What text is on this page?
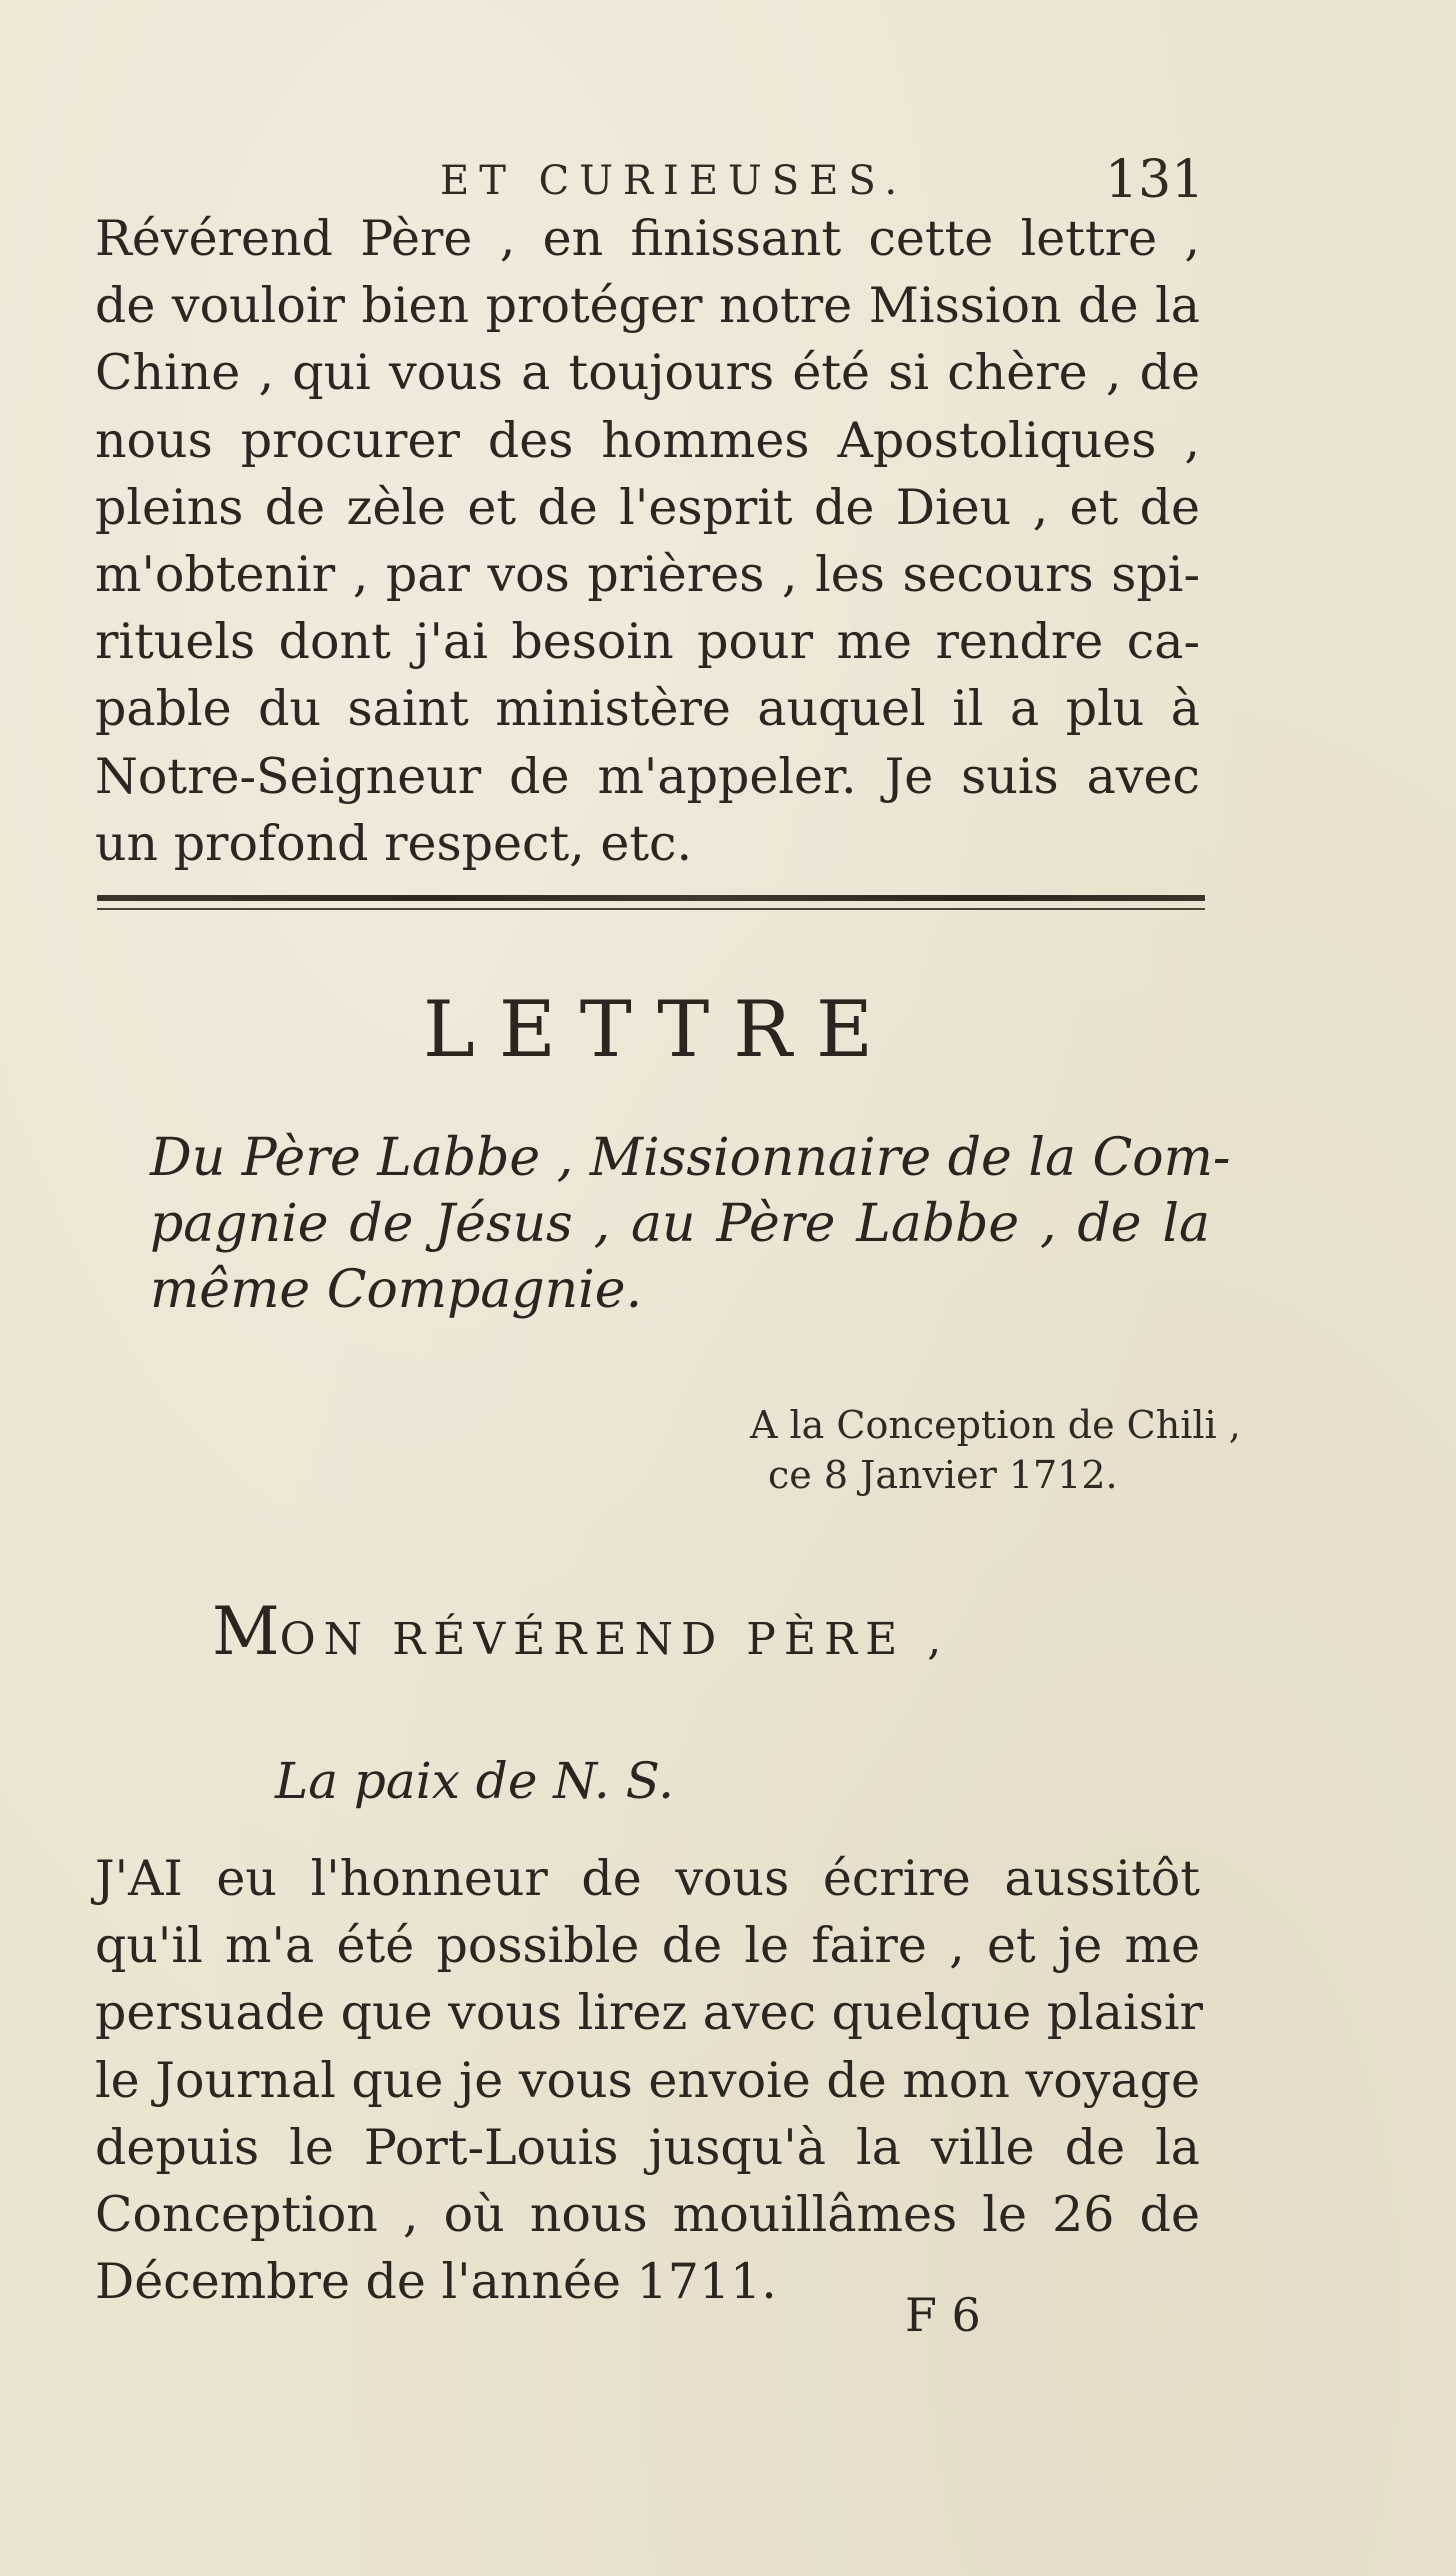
ET CURIEUSES.	131
Révérend Père , en finissant cette lettre ,
de vouloir bien protéger notre Mission de la
Chine , qui vous a toujours été si chère , de
nous procurer des hommes Apostoliques ,
pleins de zèle et de l'esprit de Dieu , et de
m'obtenir , par vos prières , les secours spi-
rituels dont j'ai besoin pour me rendre ca-
pable du saint ministère auquel il a plu à
Notre-Seigneur de m'appeler. Je suis avec
un profond respect, etc.
LETTRE
Du Père Labbe , Missionnaire de la Com-
pagnie de Jésus , au Père Labbe , de la
même Compagnie.
A la Conception de Chili ,
ce 8 Janvier 1712.
MON RÉVÉREND PÈRE ,
La paix de N. S.
J'AI eu l'honneur de vous écrire aussitôt
qu'il m'a été possible de le faire , et je me
persuade que vous lirez avec quelque plaisir
le Journal que je vous envoie de mon voyage
depuis le Port-Louis jusqu'à la ville de la
Conception , où nous mouillâmes le 26 de
Décembre de l'année 1711.
F 6
